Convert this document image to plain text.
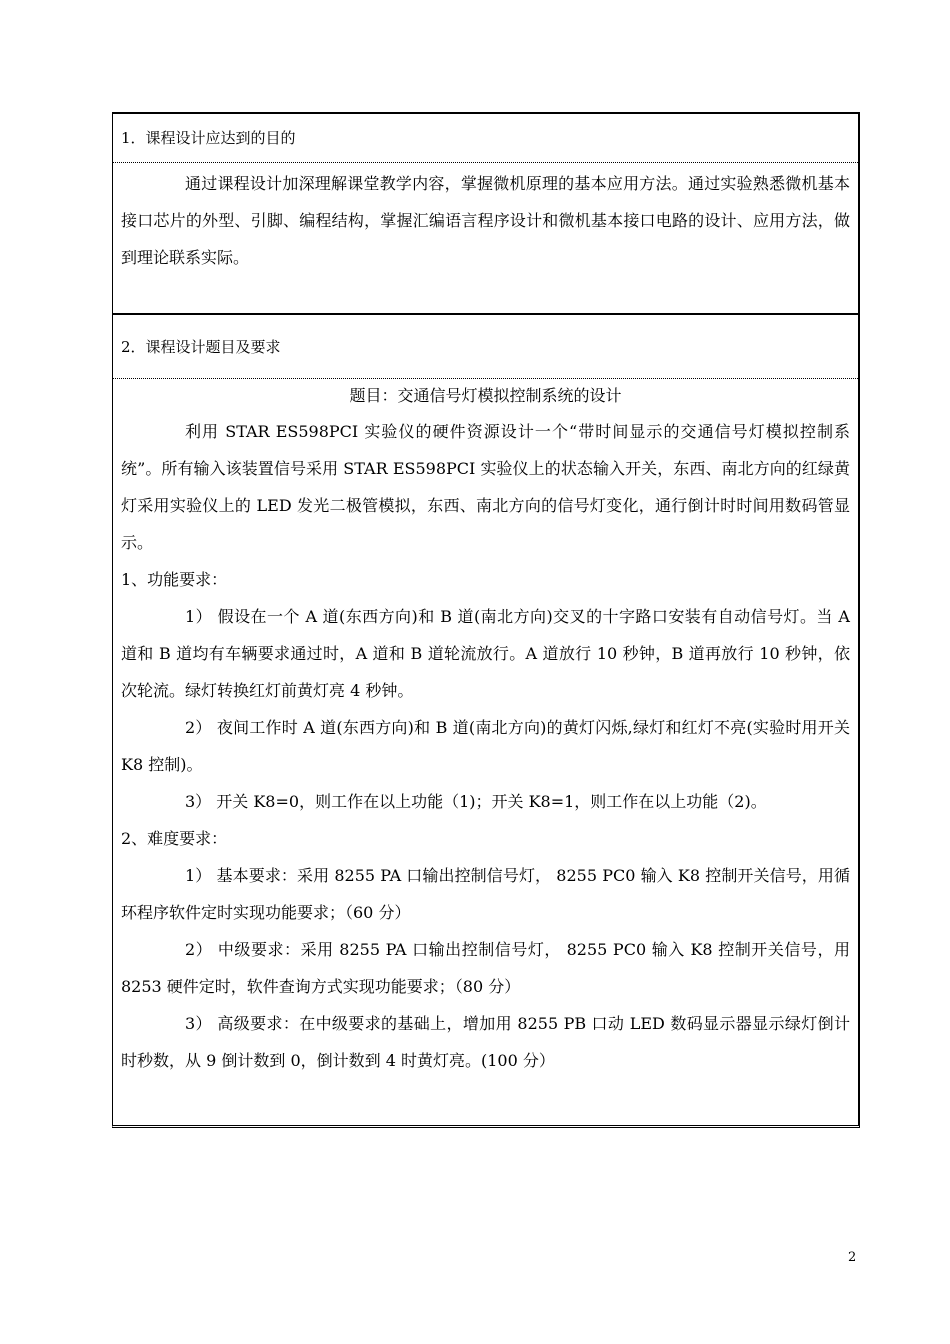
1．课程设计应达到的目的

通过课程设计加深理解课堂教学内容，掌握微机原理的基本应用方法。通过实验熟悉微机基本接口芯片的外型、引脚、编程结构，掌握汇编语言程序设计和微机基本接口电路的设计、应用方法，做到理论联系实际。

2．课程设计题目及要求

题目：交通信号灯模拟控制系统的设计

利用 STAR ES598PCI 实验仪的硬件资源设计一个“带时间显示的交通信号灯模拟控制系统”。所有输入该装置信号采用 STAR ES598PCI 实验仪上的状态输入开关，东西、南北方向的红绿黄灯采用实验仪上的 LED 发光二极管模拟，东西、南北方向的信号灯变化，通行倒计时时间用数码管显示。

1、功能要求：

1） 假设在一个 A 道(东西方向)和 B 道(南北方向)交叉的十字路口安装有自动信号灯。当 A 道和 B 道均有车辆要求通过时，A 道和 B 道轮流放行。A 道放行 10 秒钟，B 道再放行 10 秒钟，依次轮流。绿灯转换红灯前黄灯亮 4 秒钟。

2） 夜间工作时 A 道(东西方向)和 B 道(南北方向)的黄灯闪烁,绿灯和红灯不亮(实验时用开关 K8 控制)。

3） 开关 K8=0，则工作在以上功能（1)；开关 K8=1，则工作在以上功能（2)。

2、难度要求：

1） 基本要求：采用 8255 PA 口输出控制信号灯， 8255 PC0 输入 K8 控制开关信号，用循环程序软件定时实现功能要求；（60 分）

2） 中级要求：采用 8255 PA 口输出控制信号灯， 8255 PC0 输入 K8 控制开关信号，用 8253 硬件定时，软件查询方式实现功能要求；（80 分）

3） 高级要求：在中级要求的基础上，增加用 8255 PB 口动 LED 数码显示器显示绿灯倒计时秒数，从 9 倒计数到 0，倒计数到 4 时黄灯亮。(100 分）

2
